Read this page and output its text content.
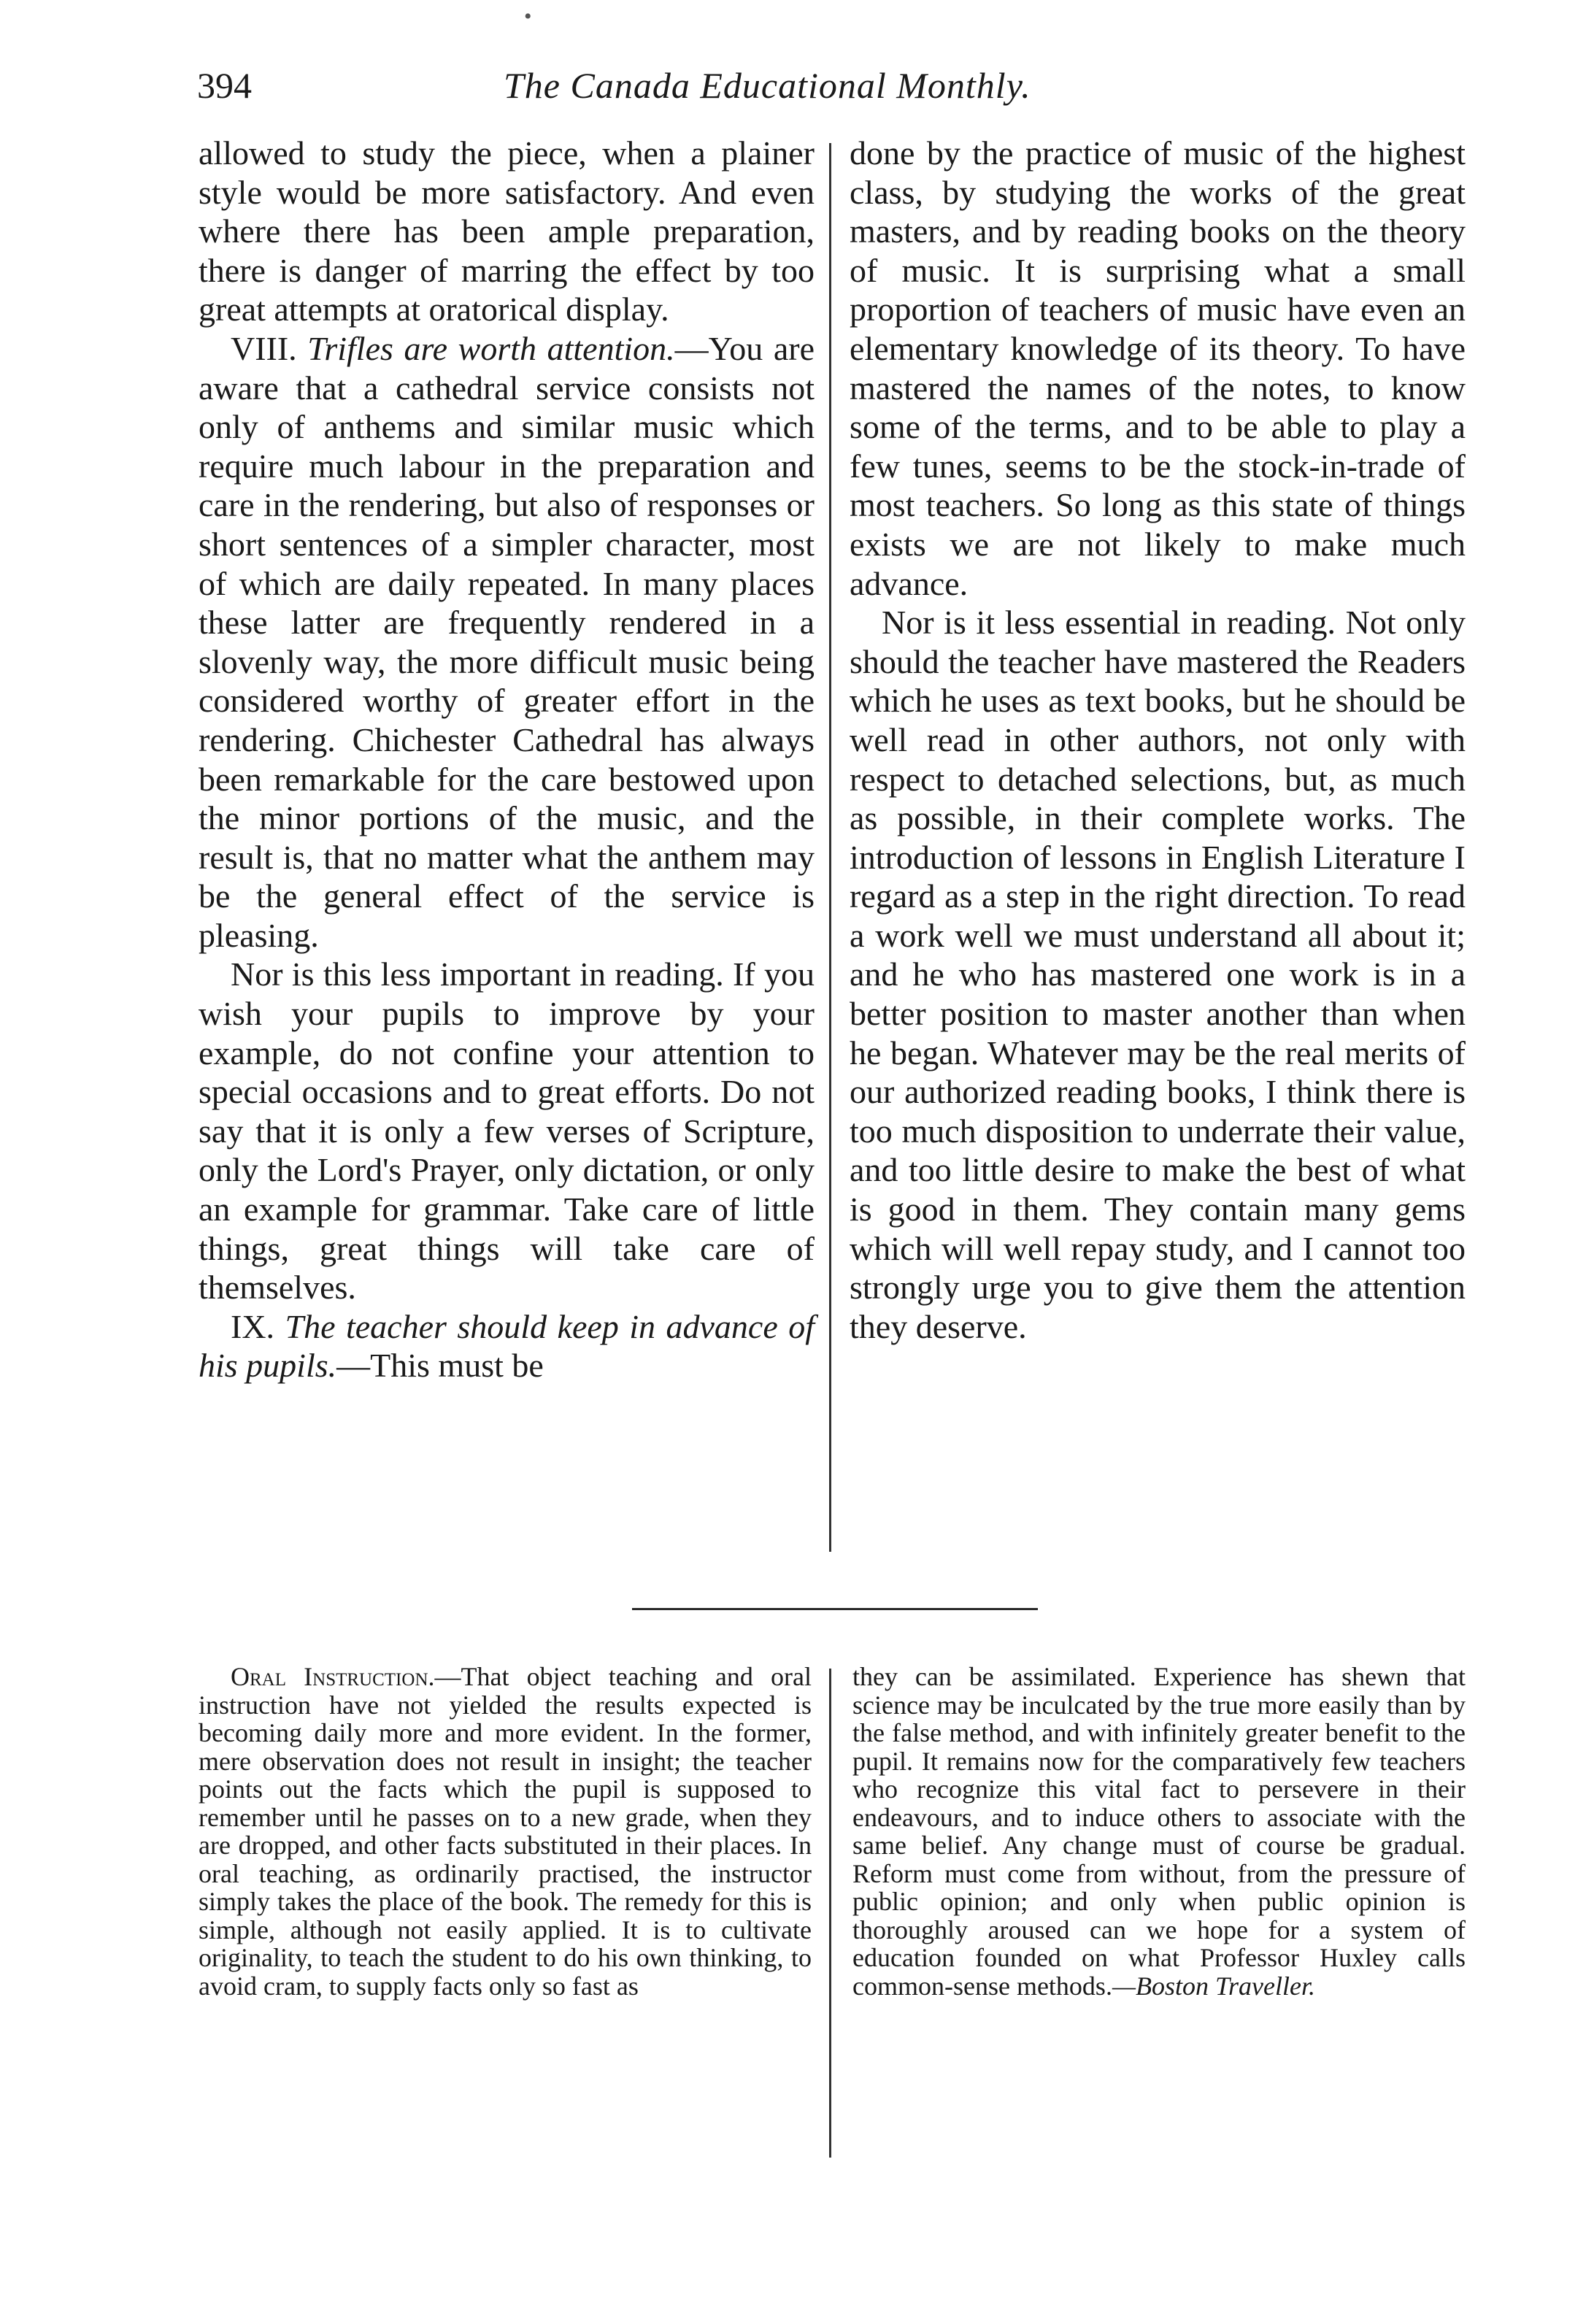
394	The Canada Educational Monthly.
•

allowed to study the piece, when a plainer style would be more satisfactory. And even where there has been ample preparation, there is danger of marring the effect by too great attempts at oratorical display.

VIII. Trifles are worth attention.—You are aware that a cathedral service consists not only of anthems and similar music which require much labour in the preparation and care in the rendering, but also of responses or short sentences of a simpler character, most of which are daily repeated. In many places these latter are frequently rendered in a slovenly way, the more difficult music being considered worthy of greater effort in the rendering. Chichester Cathedral has always been remarkable for the care bestowed upon the minor portions of the music, and the result is, that no matter what the anthem may be the general effect of the service is pleasing.

Nor is this less important in reading. If you wish your pupils to improve by your example, do not confine your attention to special occasions and to great efforts. Do not say that it is only a few verses of Scripture, only the Lord's Prayer, only dictation, or only an example for grammar. Take care of little things, great things will take care of themselves.

IX. The teacher should keep in advance of his pupils.—This must be

done by the practice of music of the highest class, by studying the works of the great masters, and by reading books on the theory of music. It is surprising what a small proportion of teachers of music have even an elementary knowledge of its theory. To have mastered the names of the notes, to know some of the terms, and to be able to play a few tunes, seems to be the stock-in-trade of most teachers. So long as this state of things exists we are not likely to make much advance.

Nor is it less essential in reading. Not only should the teacher have mastered the Readers which he uses as text books, but he should be well read in other authors, not only with respect to detached selections, but, as much as possible, in their complete works. The introduction of lessons in English Literature I regard as a step in the right direction. To read a work well we must understand all about it; and he who has mastered one work is in a better position to master another than when he began. Whatever may be the real merits of our authorized reading books, I think there is too much disposition to underrate their value, and too little desire to make the best of what is good in them. They contain many gems which will well repay study, and I cannot too strongly urge you to give them the attention they deserve.

Oral Instruction.—That object teaching and oral instruction have not yielded the results expected is becoming daily more and more evident. In the former, mere observation does not result in insight; the teacher points out the facts which the pupil is supposed to remember until he passes on to a new grade, when they are dropped, and other facts substituted in their places. In oral teaching, as ordinarily practised, the instructor simply takes the place of the book. The remedy for this is simple, although not easily applied. It is to cultivate originality, to teach the student to do his own thinking, to avoid cram, to supply facts only so fast as

they can be assimilated. Experience has shewn that science may be inculcated by the true more easily than by the false method, and with infinitely greater benefit to the pupil. It remains now for the comparatively few teachers who recognize this vital fact to persevere in their endeavours, and to induce others to associate with the same belief. Any change must of course be gradual. Reform must come from without, from the pressure of public opinion; and only when public opinion is thoroughly aroused can we hope for a system of education founded on what Professor Huxley calls common-sense methods.—Boston Traveller.
